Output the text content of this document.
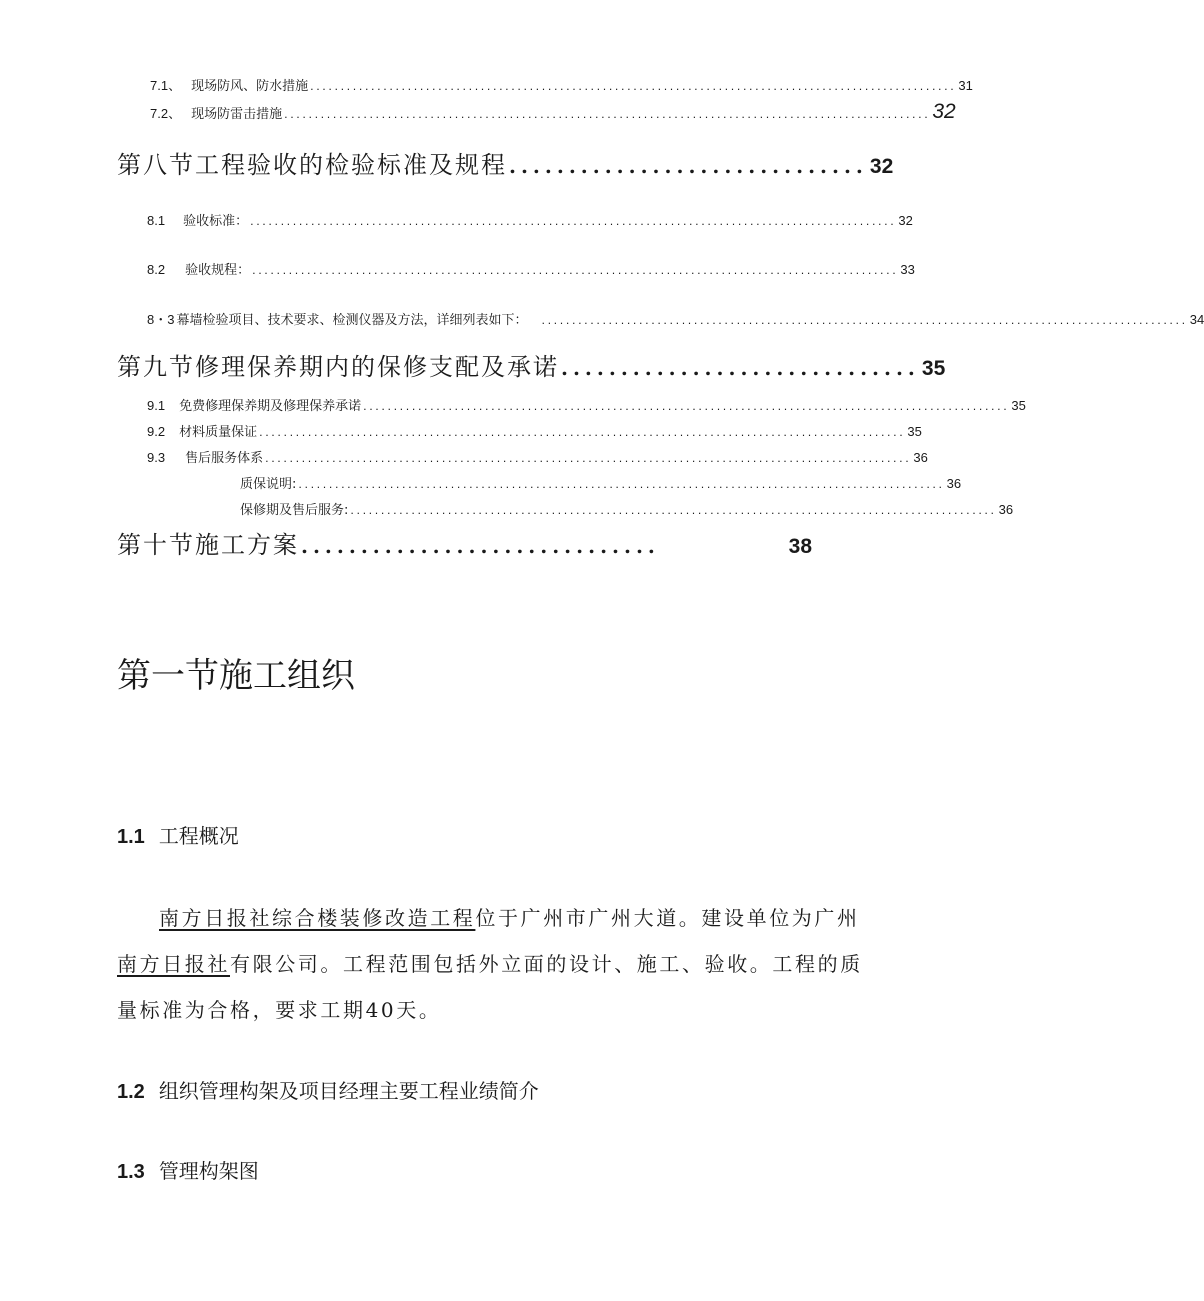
7.1、 现场防风、防水措施 .......................................................................................................... 31
7.2、 现场防雷击措施 .......................................................................................................... 32
第八节工程验收的检验标准及规程 .............................. 32
8.1 验收标准： .......................................................................................................... 32
8.2 验收规程： .......................................................................................................... 33
8・3 幕墙检验项目、技术要求、检测仪器及方法，详细列表如下： .......................................................................................................... 34
第九节修理保养期内的保修支配及承诺 .............................. 35
9.1 免费修理保养期及修理保养承诺 .......................................................................................................... 35
9.2 材料质量保证 .......................................................................................................... 35
9.3 售后服务体系 .......................................................................................................... 36
质保说明: .......................................................................................................... 36
保修期及售后服务: .......................................................................................................... 36
第十节施工方案 ..............................	38
第一节施工组织
1.1 工程概况
南方日报社综合楼装修改造工程位于广州市广州大道。建设单位为广州南方日报社有限公司。工程范围包括外立面的设计、施工、验收。工程的质量标准为合格，要求工期40天。
1.2 组织管理构架及项目经理主要工程业绩简介
1.3 管理构架图
